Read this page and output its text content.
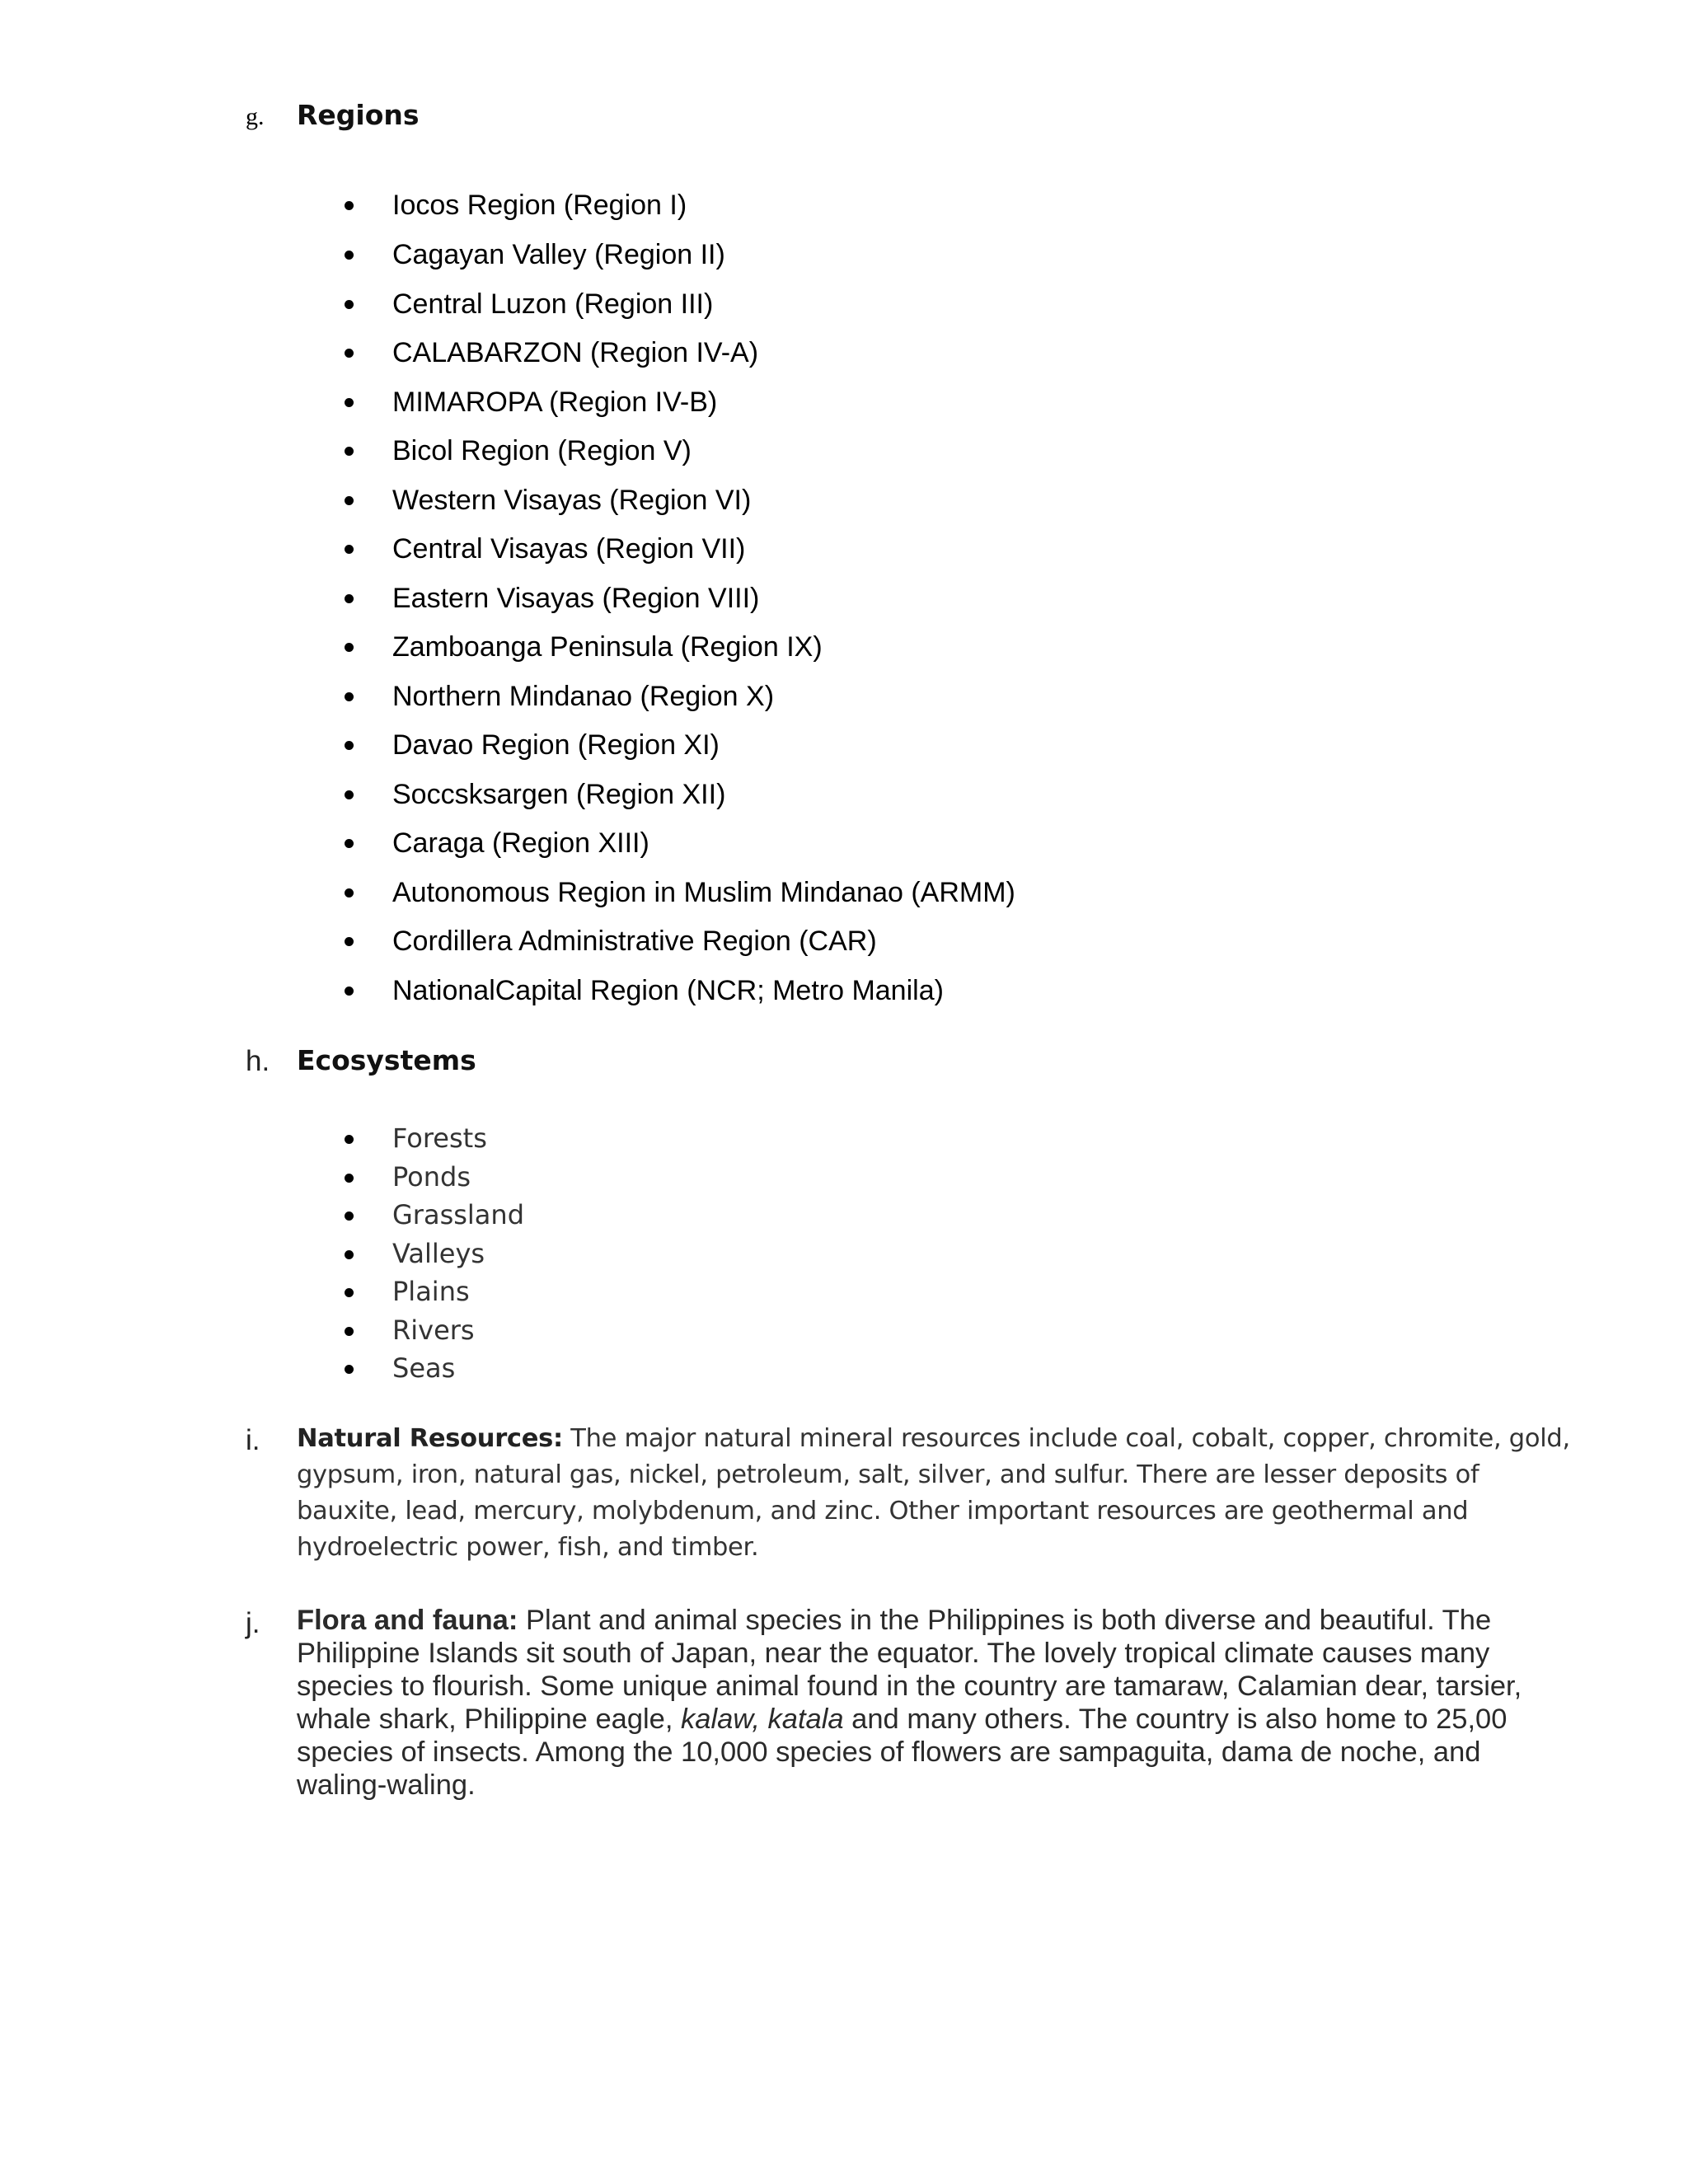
g. Regions
Iocos Region (Region I)
Cagayan Valley (Region II)
Central Luzon (Region III)
CALABARZON (Region IV-A)
MIMAROPA (Region IV-B)
Bicol Region (Region V)
Western Visayas (Region VI)
Central Visayas (Region VII)
Eastern Visayas (Region VIII)
Zamboanga Peninsula (Region IX)
Northern Mindanao (Region X)
Davao Region (Region XI)
Soccsksargen (Region XII)
Caraga (Region XIII)
Autonomous Region in Muslim Mindanao (ARMM)
Cordillera Administrative Region (CAR)
NationalCapital Region (NCR; Metro Manila)
h. Ecosystems
Forests
Ponds
Grassland
Valleys
Plains
Rivers
Seas
i. Natural Resources: The major natural mineral resources include coal, cobalt, copper, chromite, gold, gypsum, iron, natural gas, nickel, petroleum, salt, silver, and sulfur. There are lesser deposits of bauxite, lead, mercury, molybdenum, and zinc. Other important resources are geothermal and hydroelectric power, fish, and timber.

j. Flora and fauna: Plant and animal species in the Philippines is both diverse and beautiful. The Philippine Islands sit south of Japan, near the equator. The lovely tropical climate causes many species to flourish. Some unique animal found in the country are tamaraw, Calamian dear, tarsier, whale shark, Philippine eagle, kalaw, katala and many others. The country is also home to 25,00 species of insects. Among the 10,000 species of flowers are sampaguita, dama de noche, and waling-waling.
